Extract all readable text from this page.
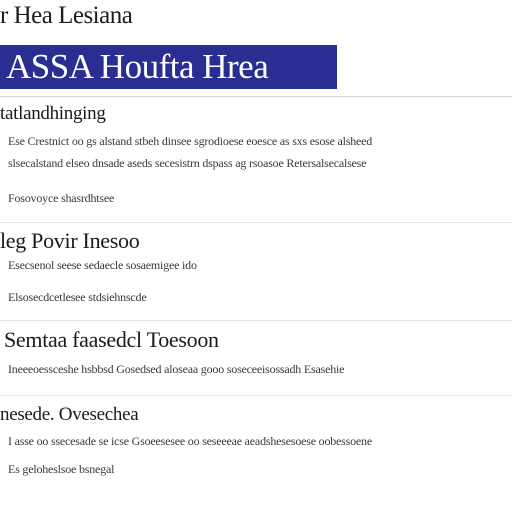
r Hea Lesiana
ASSA Houfta Hrea
tatlandhinging
Ese Crestnict oo gs alstand stbeh dinsee sgrodioese eoesce as sxs esose alsheed
slsecalstand elseo dnsade aseds secesistrn dspass ag rsoasoe Retersalsecalsese
Fosovoyce shasrdhtsee
leg Povir Inesoo
Esecsenol seese sedaecle sosaemigee ido
Elsosecdcetlesee stdsiehnscde
Semtaa faasedcl Toesoon
Ineeeoessceshe hsbbsd Gosedsed aloseaa gooo soseceeisossadh Esasehie
nesede. Ovesechea
I asse oo ssecesade se icse Gsoeesesee oo seseeeae aeadshesesoese oobessoene
Es geloheslsoe bsnegal
